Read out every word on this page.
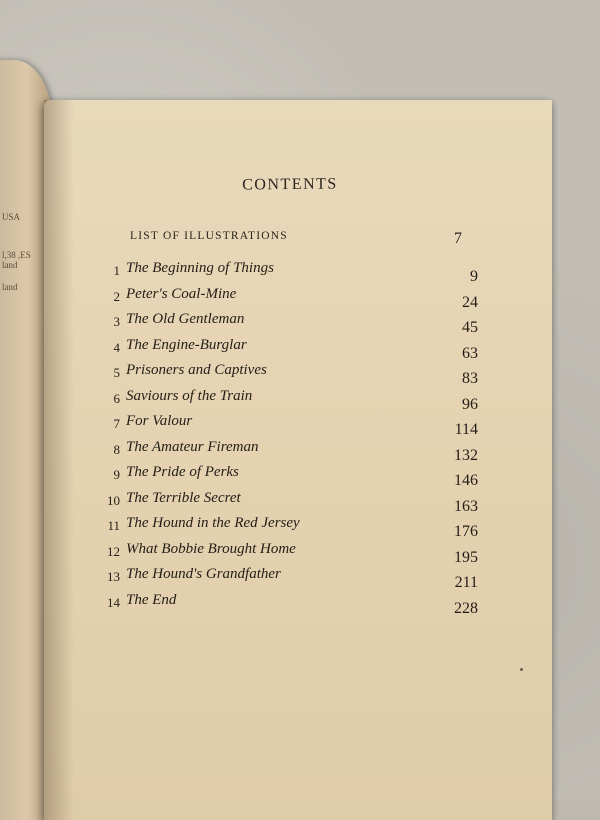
USA
l,38 ,ES
land
land
CONTENTS
LIST OF ILLUSTRATIONS	7
1 The Beginning of Things	9
2 Peter's Coal-Mine	24
3 The Old Gentleman	45
4 The Engine-Burglar	63
5 Prisoners and Captives	83
6 Saviours of the Train	96
7 For Valour	114
8 The Amateur Fireman	132
9 The Pride of Perks	146
10 The Terrible Secret	163
11 The Hound in the Red Jersey	176
12 What Bobbie Brought Home	195
13 The Hound's Grandfather	211
14 The End	228
